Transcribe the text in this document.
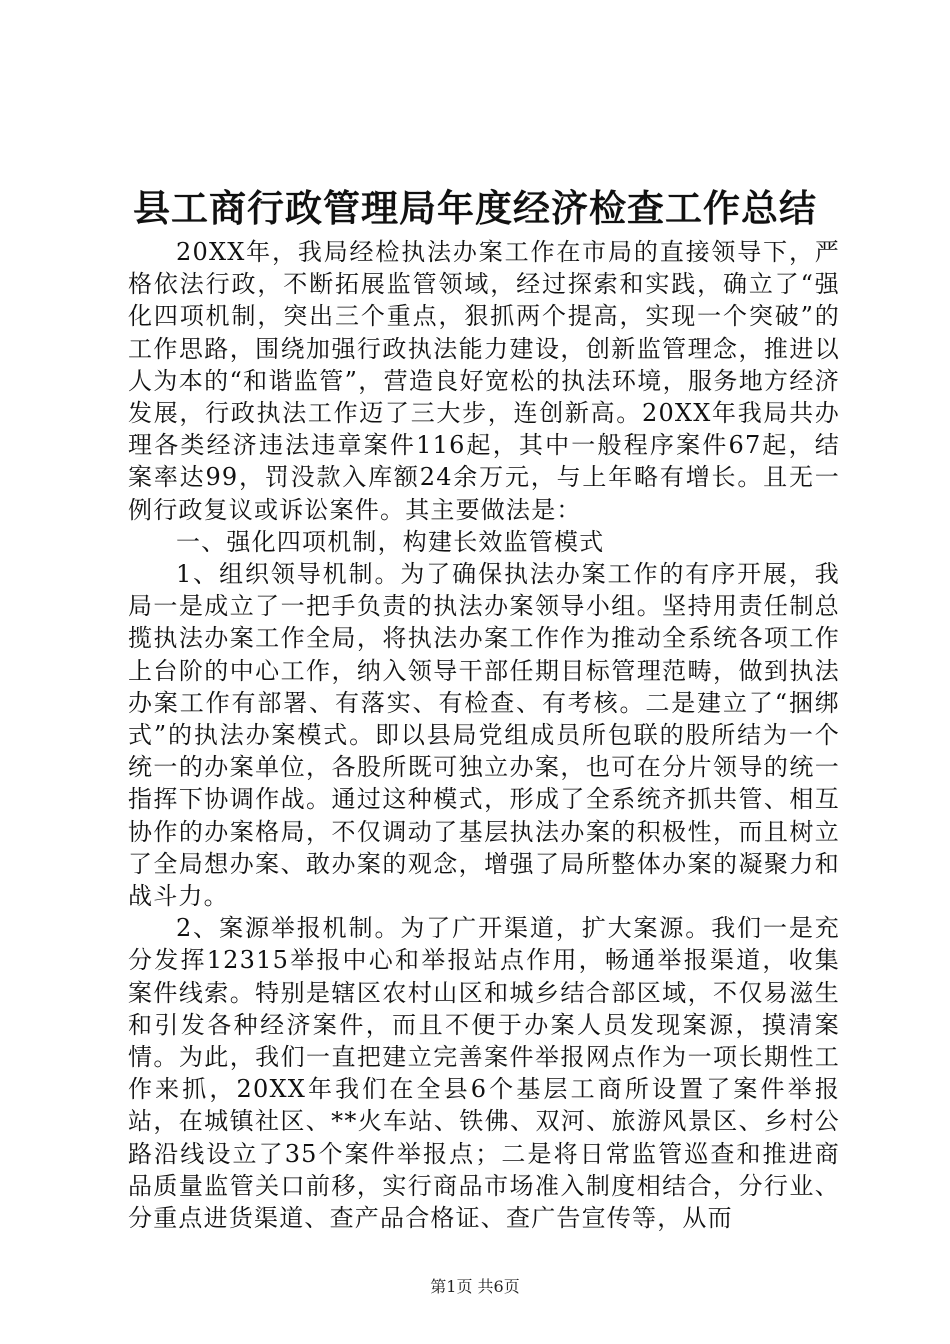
县工商行政管理局年度经济检查工作总结

20XX年，我局经检执法办案工作在市局的直接领导下，严格依法行政，不断拓展监管领域，经过探索和实践，确立了“强化四项机制，突出三个重点，狠抓两个提高，实现一个突破”的工作思路，围绕加强行政执法能力建设，创新监管理念，推进以人为本的“和谐监管”，营造良好宽松的执法环境，服务地方经济发展，行政执法工作迈了三大步，连创新高。20XX年我局共办理各类经济违法违章案件116起，其中一般程序案件67起，结案率达99，罚没款入库额24余万元，与上年略有增长。且无一例行政复议或诉讼案件。其主要做法是：

一、强化四项机制，构建长效监管模式

1、组织领导机制。为了确保执法办案工作的有序开展，我局一是成立了一把手负责的执法办案领导小组。坚持用责任制总揽执法办案工作全局，将执法办案工作作为推动全系统各项工作上台阶的中心工作，纳入领导干部任期目标管理范畴，做到执法办案工作有部署、有落实、有检查、有考核。二是建立了“捆绑式”的执法办案模式。即以县局党组成员所包联的股所结为一个统一的办案单位，各股所既可独立办案，也可在分片领导的统一指挥下协调作战。通过这种模式，形成了全系统齐抓共管、相互协作的办案格局，不仅调动了基层执法办案的积极性，而且树立了全局想办案、敢办案的观念，增强了局所整体办案的凝聚力和战斗力。

2、案源举报机制。为了广开渠道，扩大案源。我们一是充分发挥12315举报中心和举报站点作用，畅通举报渠道，收集案件线索。特别是辖区农村山区和城乡结合部区域，不仅易滋生和引发各种经济案件，而且不便于办案人员发现案源，摸清案情。为此，我们一直把建立完善案件举报网点作为一项长期性工作来抓，20XX年我们在全县6个基层工商所设置了案件举报站，在城镇社区、**火车站、铁佛、双河、旅游风景区、乡村公路沿线设立了35个案件举报点；二是将日常监管巡查和推进商品质量监管关口前移，实行商品市场准入制度相结合，分行业、分重点进货渠道、查产品合格证、查广告宣传等，从而

第1页 共6页
